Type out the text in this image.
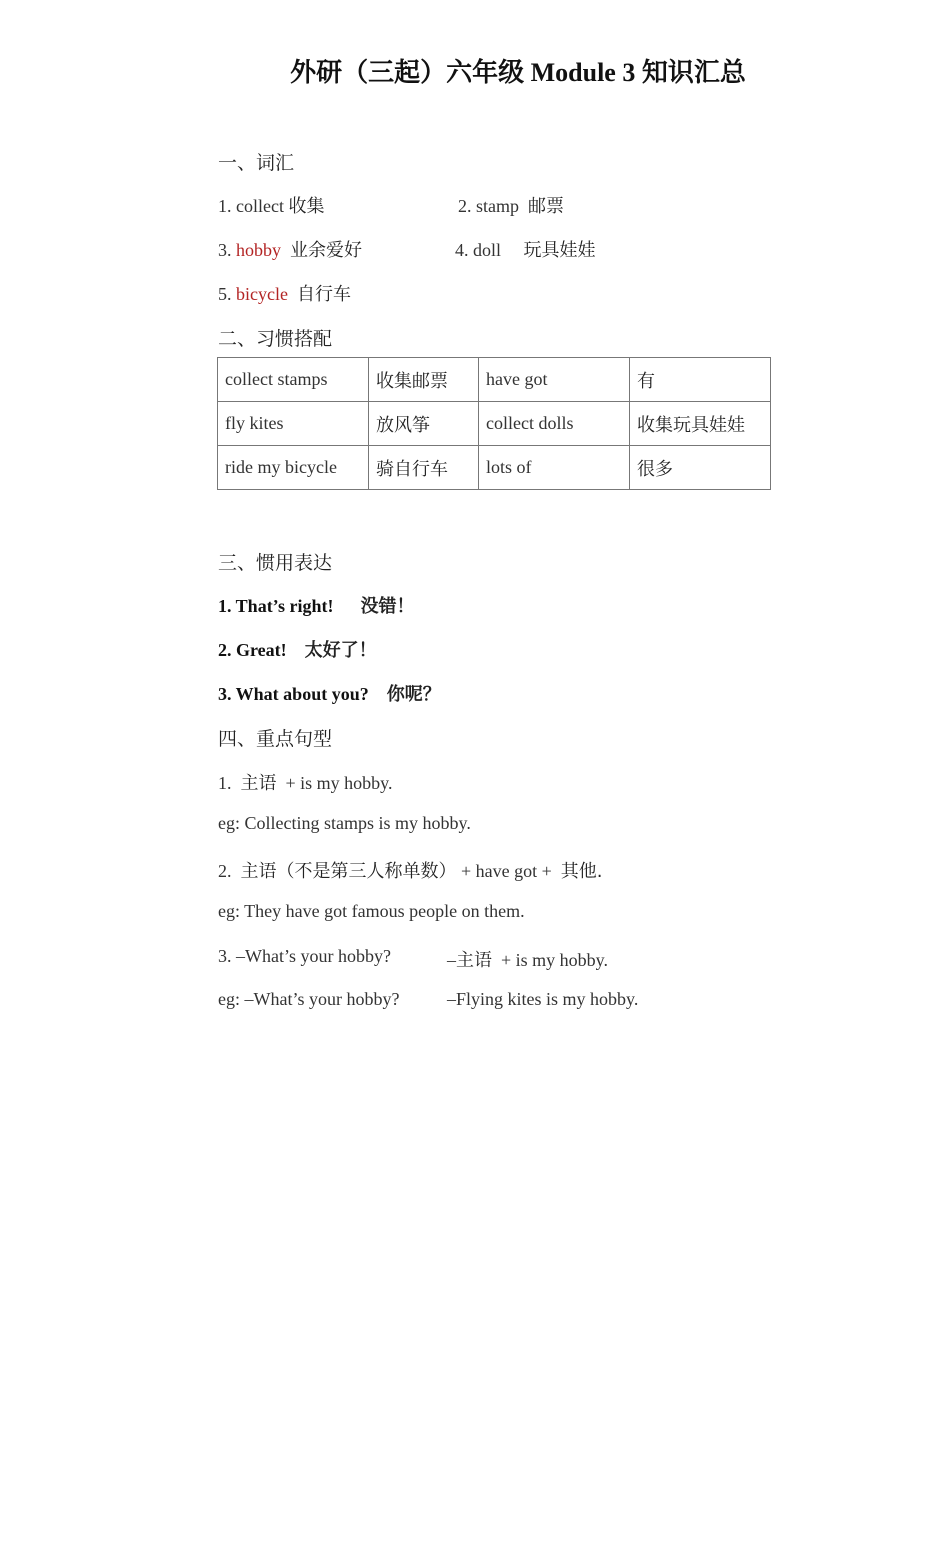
外研（三起）六年级 Module 3 知识汇总
一、词汇
1. collect 收集	2. stamp 邮票
3. hobby 业余爱好	4. doll 玩具娃娃
5. bicycle 自行车
二、习惯搭配
collect stamps	收集邮票	have got	有
fly kites	放风筝	collect dolls	收集玩具娃娃
ride my bicycle	骑自行车	lots of	很多
三、惯用表达
1. That’s right! 没错！
2. Great! 太好了！
3. What about you? 你呢？
四、重点句型
1. 主语 + is my hobby.
eg: Collecting stamps is my hobby.
2. 主语（不是第三人称单数） + have got + 其他.
eg: They have got famous people on them.
3. –What’s your hobby?	–主语 + is my hobby.
eg: –What’s your hobby?	–Flying kites is my hobby.
